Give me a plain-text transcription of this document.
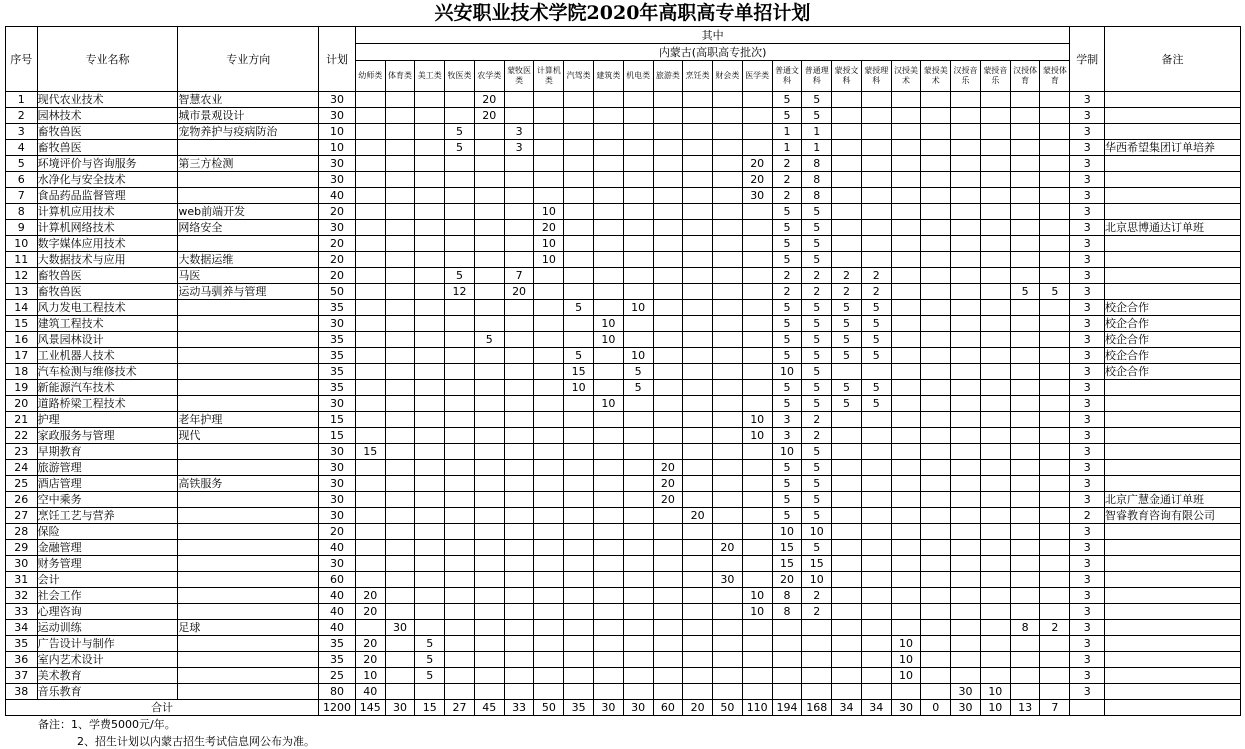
兴安职业技术学院2020年高职高专单招计划
序号	专业名称	专业方向	计划	其中																								学制	备注
				内蒙古(高职高专批次)																									
				幼师类	体育类	美工类	牧医类	农学类	蒙牧医类	计算机类	汽驾类	建筑类	机电类	旅游类	烹饪类	财会类	医学类	普通文科	普通理科	蒙授文科	蒙授理科	汉授美术	蒙授美术	汉授音乐	蒙授音乐	汉授体育	蒙授体育		
1	现代农业技术	智慧农业	30					20										5	5									3	
2	园林技术	城市景观设计	30					20										5	5									3	
3	畜牧兽医	宠物养护与疫病防治	10				5		3									1	1									3	
4	畜牧兽医		10				5		3									1	1									3	华西希望集团订单培养
5	环境评价与咨询服务	第三方检测	30														20	2	8									3	
6	水净化与安全技术		30														20	2	8									3	
7	食品药品监督管理		40														30	2	8									3	
8	计算机应用技术	web前端开发	20							10								5	5									3	
9	计算机网络技术	网络安全	30							20								5	5									3	北京思博通达订单班
10	数字媒体应用技术		20							10								5	5									3	
11	大数据技术与应用	大数据运维	20							10								5	5									3	
12	畜牧兽医	马医	20				5		7									2	2	2	2							3	
13	畜牧兽医	运动马驯养与管理	50				12		20									2	2	2	2					5	5	3	
14	风力发电工程技术		35								5		10					5	5	5	5							3	校企合作
15	建筑工程技术		30									10						5	5	5	5							3	校企合作
16	风景园林设计		35					5				10						5	5	5	5							3	校企合作
17	工业机器人技术		35								5		10					5	5	5	5							3	校企合作
18	汽车检测与维修技术		35								15		5					10	5									3	校企合作
19	新能源汽车技术		35								10		5					5	5	5	5							3	
20	道路桥梁工程技术		30									10						5	5	5	5							3	
21	护理	老年护理	15														10	3	2									3	
22	家政服务与管理	现代	15														10	3	2									3	
23	早期教育		30	15														10	5									3	
24	旅游管理		30											20				5	5									3	
25	酒店管理	高铁服务	30											20				5	5									3	
26	空中乘务		30											20				5	5									3	北京广慧金通订单班
27	烹饪工艺与营养		30												20			5	5									2	智睿教育咨询有限公司
28	保险		20															10	10									3	
29	金融管理		40													20		15	5									3	
30	财务管理		30															15	15									3	
31	会计		60													30		20	10									3	
32	社会工作		40	20													10	8	2									3	
33	心理咨询		40	20													10	8	2									3	
34	运动训练	足球	40		30																					8	2	3	
35	广告设计与制作		35	20		5																10						3	
36	室内艺术设计		35	20		5																10						3	
37	美术教育		25	10		5																10						3	
38	音乐教育		80	40																				30	10			3	
合计			1200	145	30	15	27	45	33	50	35	30	30	60	20	50	110	194	168	34	34	30	0	30	10	13	7		
备注：1、学费5000元/年。
2、招生计划以内蒙古招生考试信息网公布为准。
